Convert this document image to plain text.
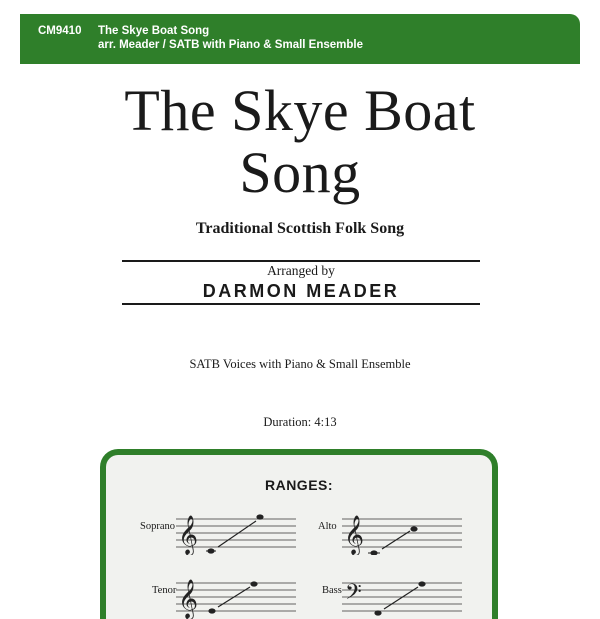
CM9410	The Skye Boat Song
arr. Meader / SATB with Piano & Small Ensemble
The Skye Boat
Song
Traditional Scottish Folk Song
Arranged by
DARMON MEADER
SATB Voices with Piano & Small Ensemble
Duration: 4:13
RANGES:
Soprano 𝄞	Alto 𝄞
Tenor 𝄞	Bass 𝄢
